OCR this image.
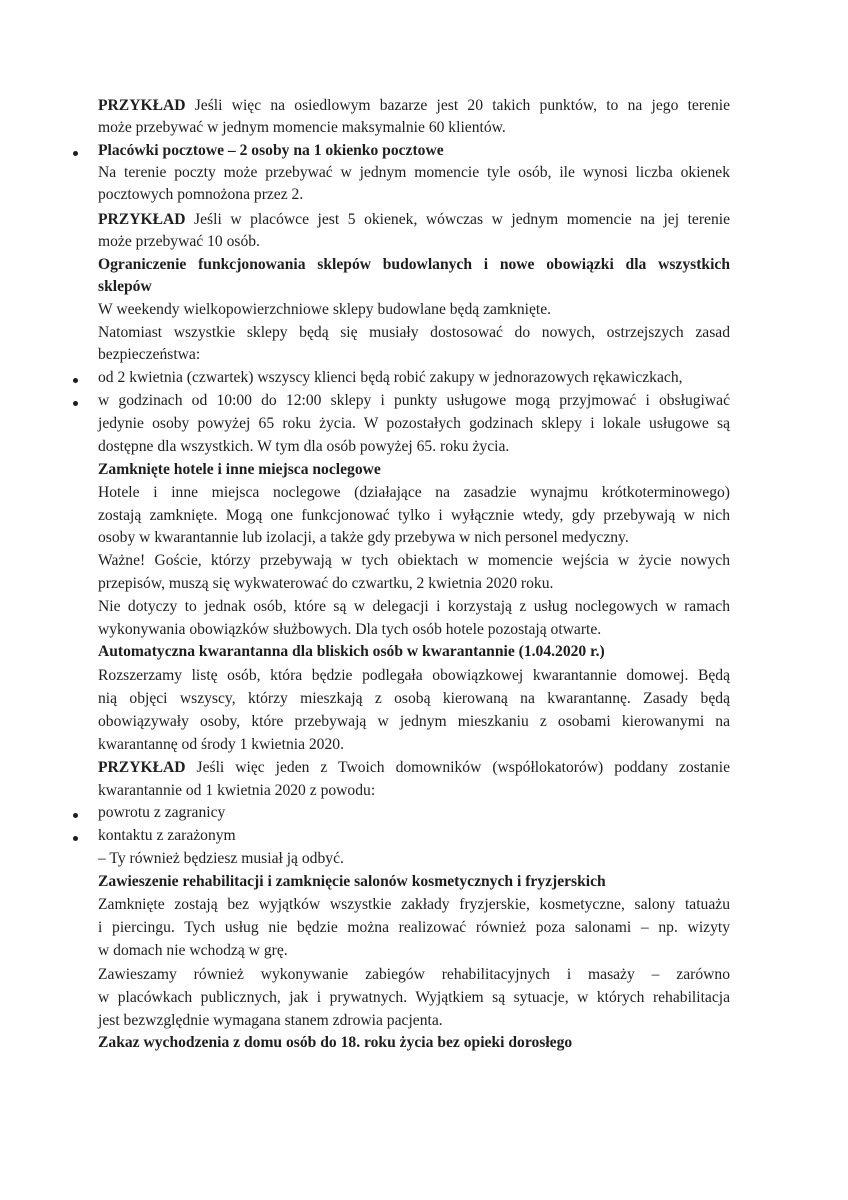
PRZYKŁAD Jeśli więc na osiedlowym bazarze jest 20 takich punktów, to na jego terenie
może przebywać w jednym momencie maksymalnie 60 klientów.
Placówki pocztowe – 2 osoby na 1 okienko pocztowe
Na terenie poczty może przebywać w jednym momencie tyle osób, ile wynosi liczba okienek
pocztowych pomnożona przez 2.
PRZYKŁAD Jeśli w placówce jest 5 okienek, wówczas w jednym momencie na jej terenie
może przebywać 10 osób.
Ograniczenie funkcjonowania sklepów budowlanych i nowe obowiązki dla wszystkich
sklepów
W weekendy wielkopowierzchniowe sklepy budowlane będą zamknięte.
Natomiast wszystkie sklepy będą się musiały dostosować do nowych, ostrzejszych zasad
bezpieczeństwa:
od 2 kwietnia (czwartek) wszyscy klienci będą robić zakupy w jednorazowych rękawiczkach,
w godzinach od 10:00 do 12:00 sklepy i punkty usługowe mogą przyjmować i obsługiwać
jedynie osoby powyżej 65 roku życia. W pozostałych godzinach sklepy i lokale usługowe są
dostępne dla wszystkich. W tym dla osób powyżej 65. roku życia.
Zamknięte hotele i inne miejsca noclegowe
Hotele i inne miejsca noclegowe (działające na zasadzie wynajmu krótkoterminowego)
zostają zamknięte. Mogą one funkcjonować tylko i wyłącznie wtedy, gdy przebywają w nich
osoby w kwarantannie lub izolacji, a także gdy przebywa w nich personel medyczny.
Ważne! Goście, którzy przebywają w tych obiektach w momencie wejścia w życie nowych
przepisów, muszą się wykwaterować do czwartku, 2 kwietnia 2020 roku.
Nie dotyczy to jednak osób, które są w delegacji i korzystają z usług noclegowych w ramach
wykonywania obowiązków służbowych. Dla tych osób hotele pozostają otwarte.
Automatyczna kwarantanna dla bliskich osób w kwarantannie (1.04.2020 r.)
Rozszerzamy listę osób, która będzie podlegała obowiązkowej kwarantannie domowej. Będą
nią objęci wszyscy, którzy mieszkają z osobą kierowaną na kwarantannę. Zasady będą
obowiązywały osoby, które przebywają w jednym mieszkaniu z osobami kierowanymi na
kwarantannę od środy 1 kwietnia 2020.
PRZYKŁAD Jeśli więc jeden z Twoich domowników (współlokatorów) poddany zostanie
kwarantannie od 1 kwietnia 2020 z powodu:
powrotu z zagranicy
kontaktu z zarażonym
– Ty również będziesz musiał ją odbyć.
Zawieszenie rehabilitacji i zamknięcie salonów kosmetycznych i fryzjerskich
Zamknięte zostają bez wyjątków wszystkie zakłady fryzjerskie, kosmetyczne, salony tatuażu
i piercingu. Tych usług nie będzie można realizować również poza salonami – np. wizyty
w domach nie wchodzą w grę.
Zawieszamy również wykonywanie zabiegów rehabilitacyjnych i masaży – zarówno
w placówkach publicznych, jak i prywatnych. Wyjątkiem są sytuacje, w których rehabilitacja
jest bezwzględnie wymagana stanem zdrowia pacjenta.
Zakaz wychodzenia z domu osób do 18. roku życia bez opieki dorosłego
